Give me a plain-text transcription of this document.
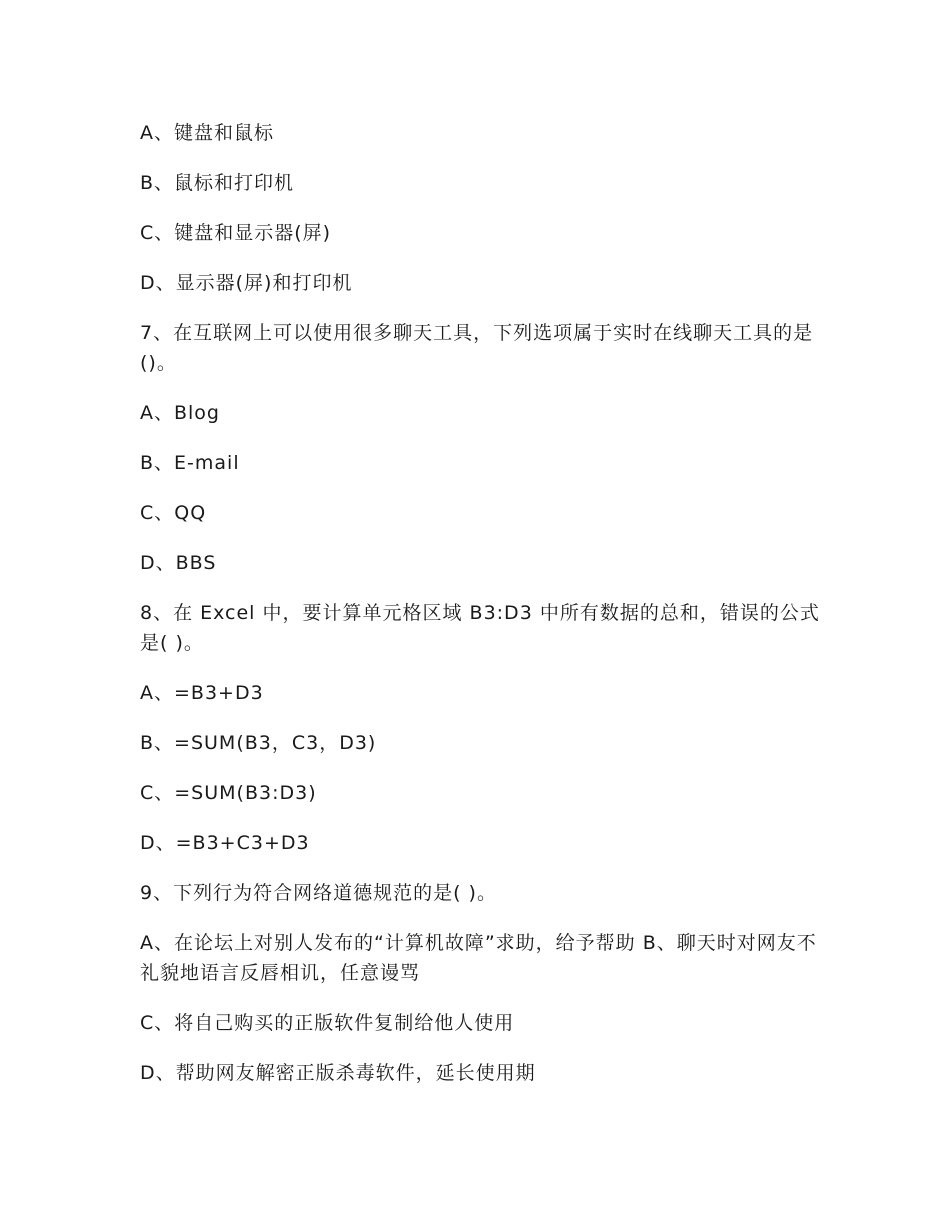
A、键盘和鼠标
B、鼠标和打印机
C、键盘和显示器(屏)
D、显示器(屏)和打印机
7、在互联网上可以使用很多聊天工具，下列选项属于实时在线聊天工具的是()。
A、Blog
B、E-mail
C、QQ
D、BBS
8、在 Excel 中，要计算单元格区域 B3:D3 中所有数据的总和，错误的公式是( )。
A、=B3+D3
B、=SUM(B3，C3，D3)
C、=SUM(B3:D3)
D、=B3+C3+D3
9、下列行为符合网络道德规范的是( )。
A、在论坛上对别人发布的“计算机故障”求助，给予帮助 B、聊天时对网友不礼貌地语言反唇相讥，任意谩骂
C、将自己购买的正版软件复制给他人使用
D、帮助网友解密正版杀毒软件，延长使用期
